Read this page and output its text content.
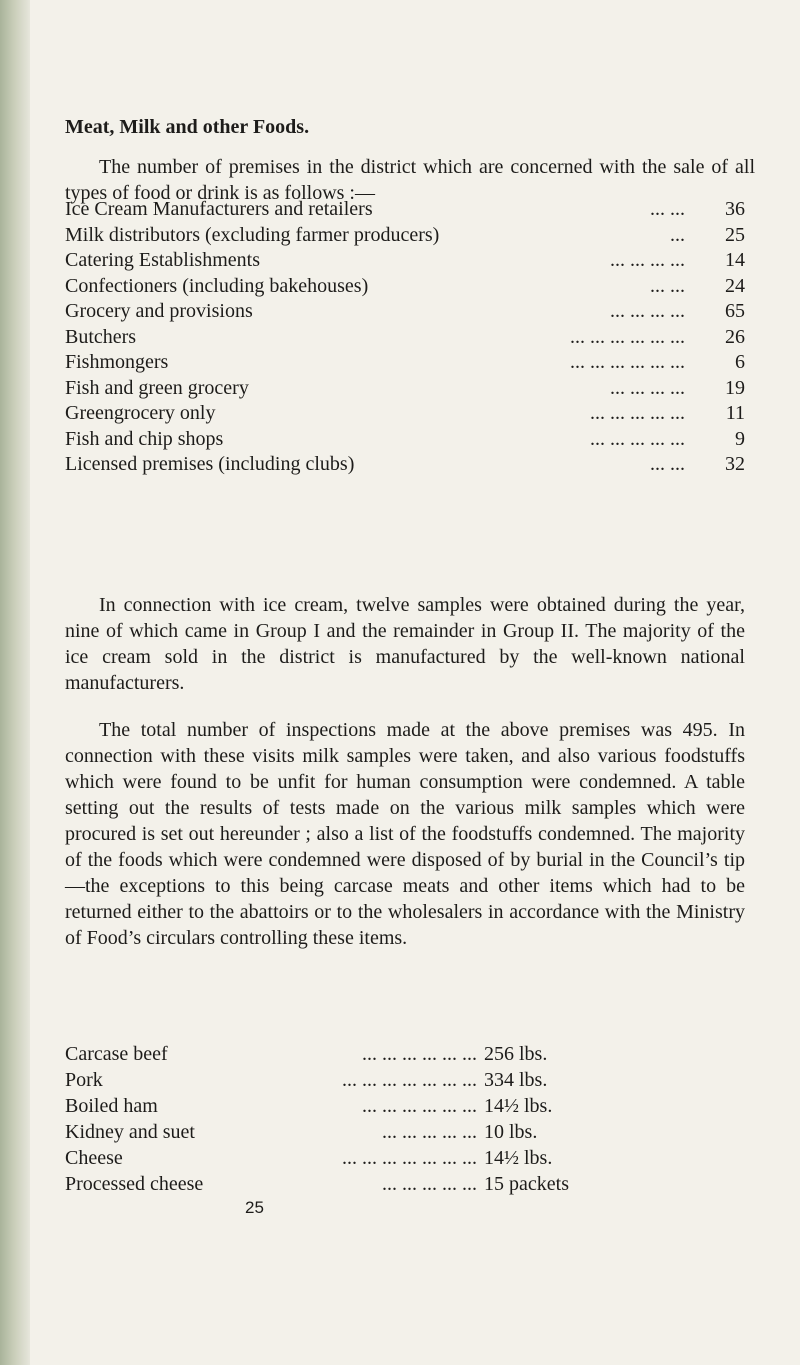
Meat, Milk and other Foods.

The number of premises in the district which are concerned with the sale of all types of food or drink is as follows :—

Ice Cream Manufacturers and retailers	... ...	36
Milk distributors (excluding farmer producers)	...	25
Catering Establishments	... ... ... ...	14
Confectioners (including bakehouses)	... ...	24
Grocery and provisions	... ... ... ...	65
Butchers	... ... ... ... ... ...	26
Fishmongers	... ... ... ... ... ...	6
Fish and green grocery	... ... ... ...	19
Greengrocery only	... ... ... ... ...	11
Fish and chip shops	... ... ... ... ...	9
Licensed premises (including clubs)	... ...	32

In connection with ice cream, twelve samples were obtained during the year, nine of which came in Group I and the remainder in Group II. The majority of the ice cream sold in the district is manufactured by the well-known national manufacturers.

The total number of inspections made at the above premises was 495. In connection with these visits milk samples were taken, and also various foodstuffs which were found to be unfit for human consumption were condemned. A table setting out the results of tests made on the various milk samples which were procured is set out hereunder ; also a list of the foodstuffs condemned. The majority of the foods which were condemned were disposed of by burial in the Council’s tip—the exceptions to this being carcase meats and other items which had to be returned either to the abattoirs or to the wholesalers in accordance with the Ministry of Food’s circulars controlling these items.

Carcase beef	... ... ... ... ... ... 256 lbs.
Pork	... ... ... ... ... ... ... 334 lbs.
Boiled ham	... ... ... ... ... ... 14½ lbs.
Kidney and suet	... ... ... ... ... 10 lbs.
Cheese	... ... ... ... ... ... ... 14½ lbs.
Processed cheese	... ... ... ... ... 15 packets
25
